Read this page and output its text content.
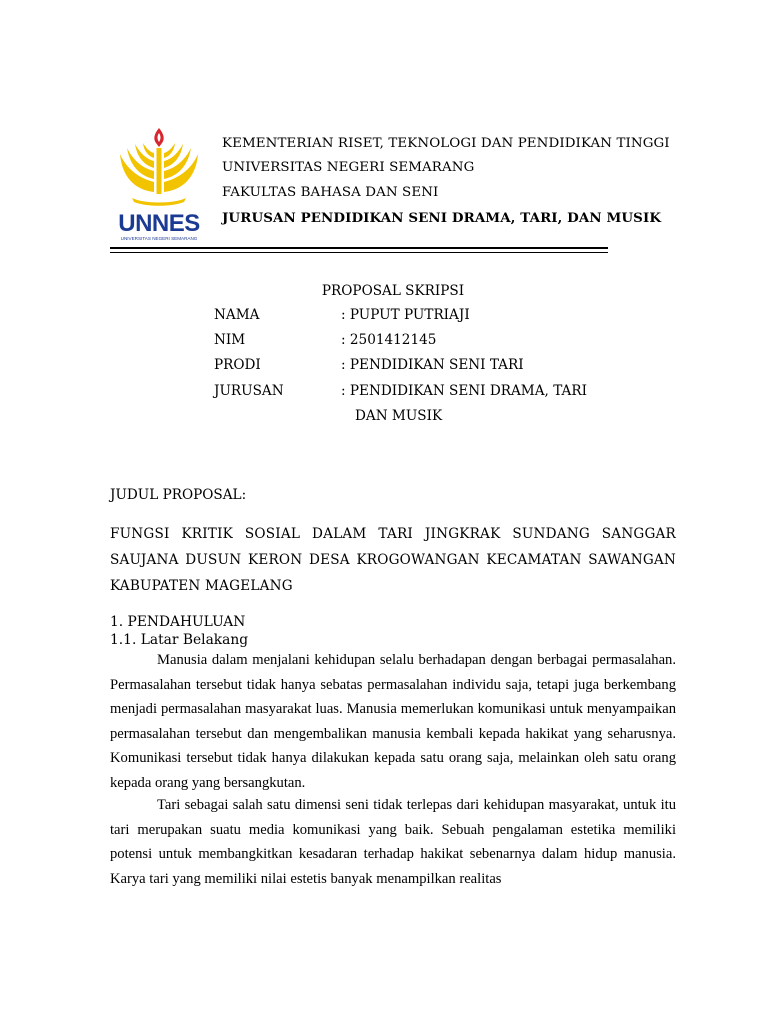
UNNES
UNIVERSITAS NEGERI SEMARANG
KEMENTERIAN RISET, TEKNOLOGI DAN PENDIDIKAN TINGGI
UNIVERSITAS NEGERI SEMARANG
FAKULTAS BAHASA DAN SENI
JURUSAN PENDIDIKAN SENI DRAMA, TARI, DAN MUSIK
PROPOSAL SKRIPSI
NAMA	: PUPUT PUTRIAJI
NIM	: 2501412145
PRODI	: PENDIDIKAN SENI TARI
JURUSAN	: PENDIDIKAN SENI DRAMA, TARI
DAN MUSIK
JUDUL PROPOSAL:
FUNGSI KRITIK SOSIAL DALAM TARI JINGKRAK SUNDANG SANGGAR SAUJANA DUSUN KERON DESA KROGOWANGAN KECAMATAN SAWANGAN KABUPATEN MAGELANG
1. PENDAHULUAN
1.1. Latar Belakang
Manusia dalam menjalani kehidupan selalu berhadapan dengan berbagai permasalahan. Permasalahan tersebut tidak hanya sebatas permasalahan individu saja, tetapi juga berkembang menjadi permasalahan masyarakat luas. Manusia memerlukan komunikasi untuk menyampaikan permasalahan tersebut dan mengembalikan manusia kembali kepada hakikat yang seharusnya. Komunikasi tersebut tidak hanya dilakukan kepada satu orang saja, melainkan oleh satu orang kepada orang yang bersangkutan.
Tari sebagai salah satu dimensi seni tidak terlepas dari kehidupan masyarakat, untuk itu tari merupakan suatu media komunikasi yang baik. Sebuah pengalaman estetika memiliki potensi untuk membangkitkan kesadaran terhadap hakikat sebenarnya dalam hidup manusia. Karya tari yang memiliki nilai estetis banyak menampilkan realitas
